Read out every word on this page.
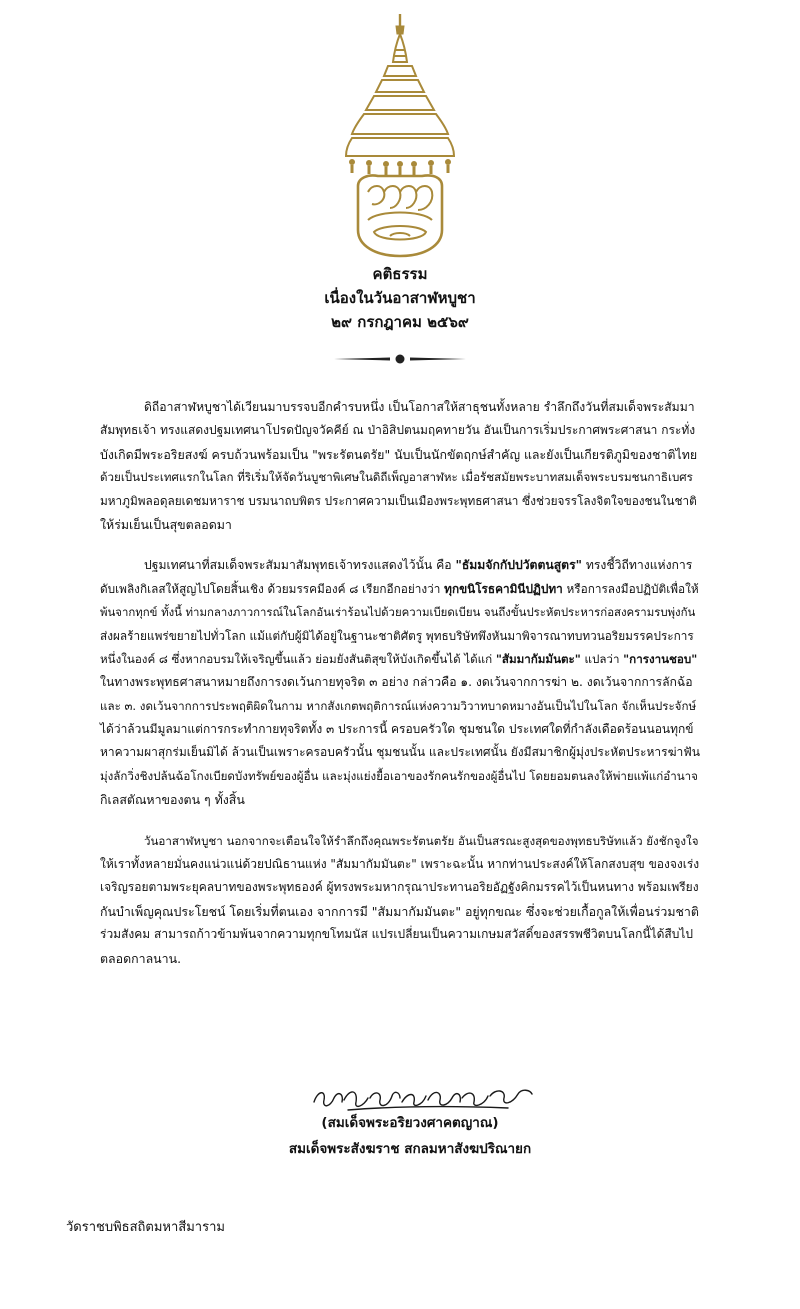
คติธรรม
เนื่องในวันอาสาฬหบูชา
๒๙ กรกฎาคม ๒๕๖๙
ดิถีอาสาฬหบูชาได้เวียนมาบรรจบอีกคำรบหนึ่ง เป็นโอกาสให้สาธุชนทั้งหลาย รำลึกถึงวันที่สมเด็จพระสัมมา
สัมพุทธเจ้า ทรงแสดงปฐมเทศนาโปรดปัญจวัคคีย์ ณ ป่าอิสิปตนมฤคทายวัน อันเป็นการเริ่มประกาศพระศาสนา กระทั่ง
บังเกิดมีพระอริยสงฆ์ ครบถ้วนพร้อมเป็น "พระรัตนตรัย" นับเป็นนักขัตฤกษ์สำคัญ และยังเป็นเกียรติภูมิของชาติไทย
ด้วยเป็นประเทศแรกในโลก ที่ริเริ่มให้จัดวันบูชาพิเศษในดิถีเพ็ญอาสาฬหะ เมื่อรัชสมัยพระบาทสมเด็จพระบรมชนกาธิเบศร
มหาภูมิพลอดุลยเดชมหาราช บรมนาถบพิตร ประกาศความเป็นเมืองพระพุทธศาสนา ซึ่งช่วยจรรโลงจิตใจของชนในชาติ
ให้ร่มเย็นเป็นสุขตลอดมา
ปฐมเทศนาที่สมเด็จพระสัมมาสัมพุทธเจ้าทรงแสดงไว้นั้น คือ "ธัมมจักกัปปวัตตนสูตร" ทรงชี้วิถีทางแห่งการ
ดับเพลิงกิเลสให้สูญไปโดยสิ้นเชิง ด้วยมรรคมีองค์ ๘ เรียกอีกอย่างว่า ทุกขนิโรธคามินีปฏิปทา หรือการลงมือปฏิบัติเพื่อให้
พ้นจากทุกข์ ทั้งนี้ ท่ามกลางภาวการณ์ในโลกอันเร่าร้อนไปด้วยความเบียดเบียน จนถึงขั้นประหัตประหารก่อสงครามรบพุ่งกัน
ส่งผลร้ายแพร่ขยายไปทั่วโลก แม้แต่กับผู้มิได้อยู่ในฐานะชาติศัตรู พุทธบริษัทพึงหันมาพิจารณาทบทวนอริยมรรคประการ
หนึ่งในองค์ ๘ ซึ่งหากอบรมให้เจริญขึ้นแล้ว ย่อมยังสันติสุขให้บังเกิดขึ้นได้ ได้แก่ "สัมมากัมมันตะ" แปลว่า "การงานชอบ"
ในทางพระพุทธศาสนาหมายถึงการงดเว้นกายทุจริต ๓ อย่าง กล่าวคือ ๑. งดเว้นจากการฆ่า ๒. งดเว้นจากการลักฉ้อ
และ ๓. งดเว้นจากการประพฤติผิดในกาม หากสังเกตพฤติการณ์แห่งความวิวาทบาดหมางอันเป็นไปในโลก จักเห็นประจักษ์
ได้ว่าล้วนมีมูลมาแต่การกระทำกายทุจริตทั้ง ๓ ประการนี้ ครอบครัวใด ชุมชนใด ประเทศใดที่กำลังเดือดร้อนนอนทุกข์
หาความผาสุกร่มเย็นมิได้ ล้วนเป็นเพราะครอบครัวนั้น ชุมชนนั้น และประเทศนั้น ยังมีสมาชิกผู้มุ่งประหัตประหารฆ่าฟัน
มุ่งลักวิ่งชิงปล้นฉ้อโกงเบียดบังทรัพย์ของผู้อื่น และมุ่งแย่งยื้อเอาของรักคนรักของผู้อื่นไป โดยยอมตนลงให้พ่ายแพ้แก่อำนาจ
กิเลสตัณหาของตน ๆ ทั้งสิ้น
วันอาสาฬหบูชา นอกจากจะเตือนใจให้รำลึกถึงคุณพระรัตนตรัย อันเป็นสรณะสูงสุดของพุทธบริษัทแล้ว ยังชักจูงใจ
ให้เราทั้งหลายมั่นคงแน่วแน่ด้วยปณิธานแห่ง "สัมมากัมมันตะ" เพราะฉะนั้น หากท่านประสงค์ให้โลกสงบสุข ของจงเร่ง
เจริญรอยตามพระยุคลบาทของพระพุทธองค์ ผู้ทรงพระมหากรุณาประทานอริยอัฏฐังคิกมรรคไว้เป็นหนทาง พร้อมเพรียง
กันบำเพ็ญคุณประโยชน์ โดยเริ่มที่ตนเอง จากการมี "สัมมากัมมันตะ" อยู่ทุกขณะ ซึ่งจะช่วยเกื้อกูลให้เพื่อนร่วมชาติ
ร่วมสังคม สามารถก้าวข้ามพ้นจากความทุกขโทมนัส แปรเปลี่ยนเป็นความเกษมสวัสดิ์ของสรรพชีวิตบนโลกนี้ได้สืบไป
ตลอดกาลนาน.
(สมเด็จพระอริยวงศาคตญาณ)
สมเด็จพระสังฆราช สกลมหาสังฆปริณายก
วัดราชบพิธสถิตมหาสีมาราม
